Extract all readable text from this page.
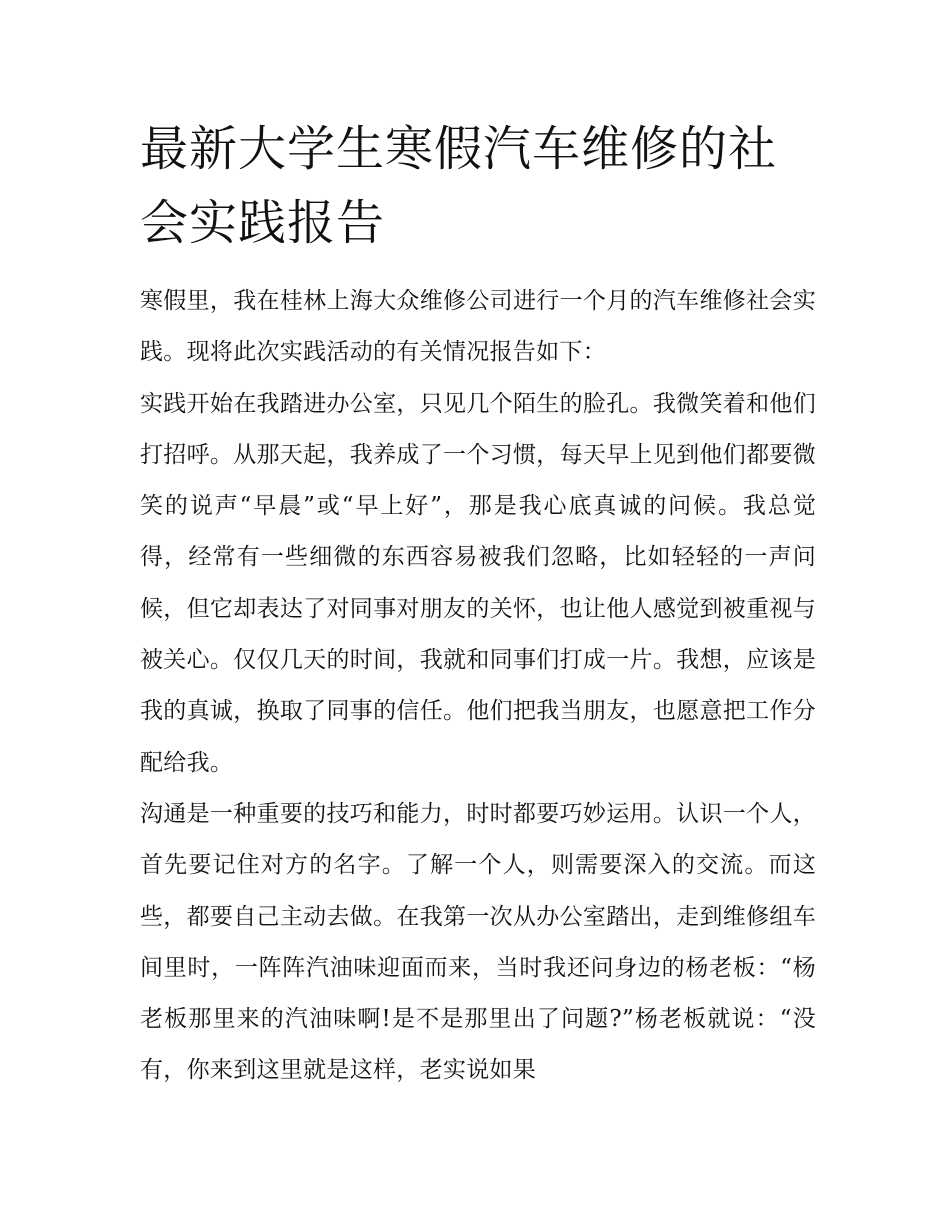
最新大学生寒假汽车维修的社会实践报告

寒假里，我在桂林上海大众维修公司进行一个月的汽车维修社会实践。现将此次实践活动的有关情况报告如下：

实践开始在我踏进办公室，只见几个陌生的脸孔。我微笑着和他们打招呼。从那天起，我养成了一个习惯，每天早上见到他们都要微笑的说声“早晨”或“早上好”，那是我心底真诚的问候。我总觉得，经常有一些细微的东西容易被我们忽略，比如轻轻的一声问候，但它却表达了对同事对朋友的关怀，也让他人感觉到被重视与被关心。仅仅几天的时间，我就和同事们打成一片。我想，应该是我的真诚，换取了同事的信任。他们把我当朋友，也愿意把工作分配给我。

沟通是一种重要的技巧和能力，时时都要巧妙运用。认识一个人，首先要记住对方的名字。了解一个人，则需要深入的交流。而这些，都要自己主动去做。在我第一次从办公室踏出，走到维修组车间里时，一阵阵汽油味迎面而来，当时我还问身边的杨老板：“杨老板那里来的汽油味啊!是不是那里出了问题?”杨老板就说：“没有，你来到这里就是这样，老实说如果
